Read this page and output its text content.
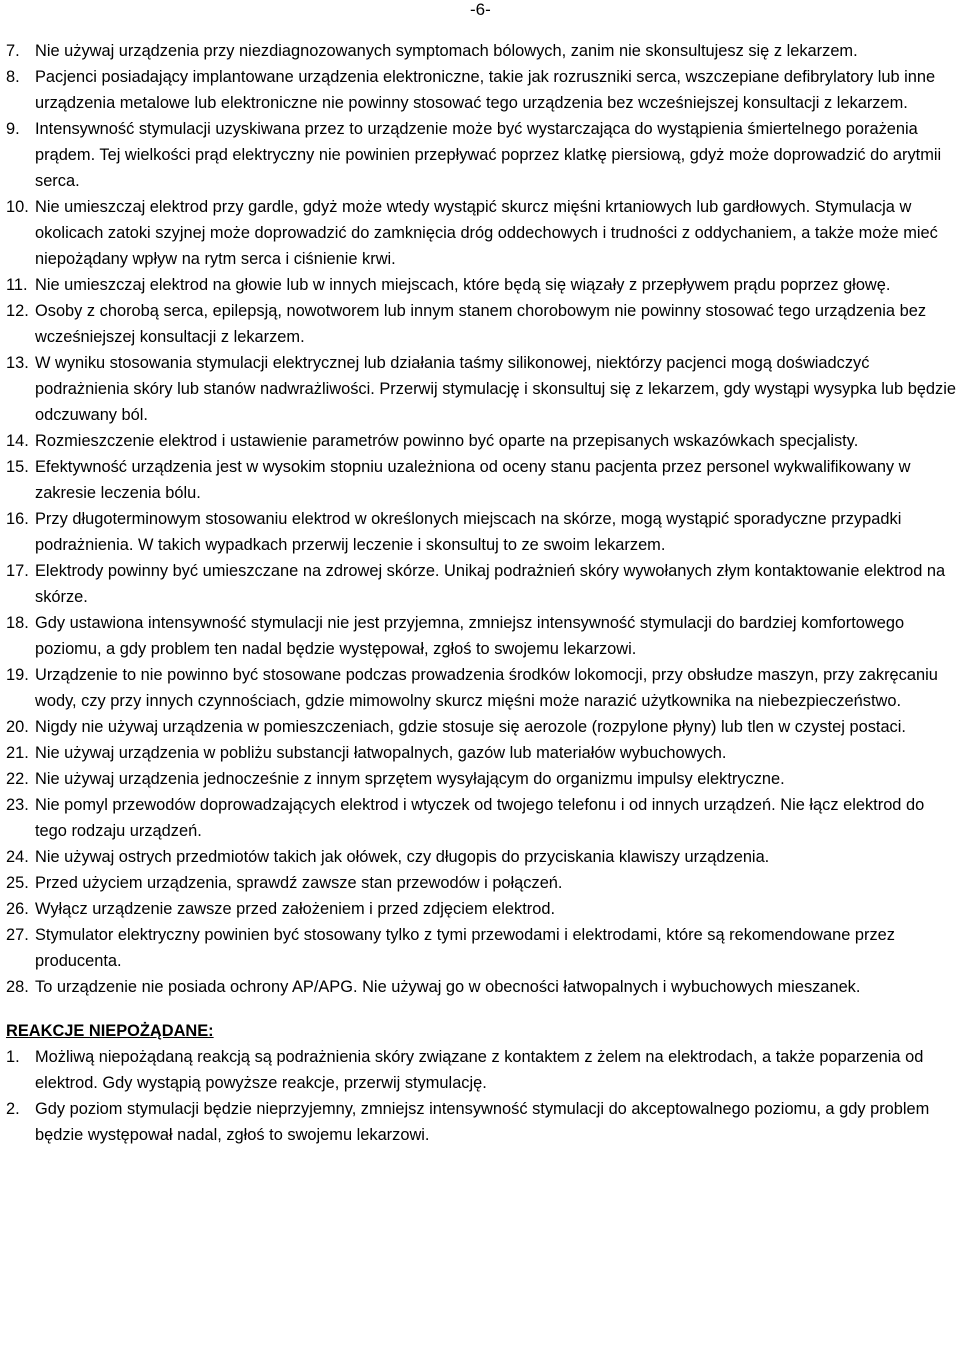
-6-
7. Nie używaj urządzenia przy niezdiagnozowanych symptomach bólowych, zanim nie skonsultujesz się z lekarzem.
8. Pacjenci posiadający implantowane urządzenia elektroniczne, takie jak rozruszniki serca, wszczepiane defibrylatory lub inne urządzenia metalowe lub elektroniczne nie powinny stosować tego urządzenia bez wcześniejszej konsultacji z lekarzem.
9. Intensywność stymulacji uzyskiwana przez to urządzenie może być wystarczająca do wystąpienia śmiertelnego porażenia prądem. Tej wielkości prąd elektryczny nie powinien przepływać poprzez klatkę piersiową, gdyż może doprowadzić do arytmii serca.
10. Nie umieszczaj elektrod przy gardle, gdyż może wtedy wystąpić skurcz mięśni krtaniowych lub gardłowych. Stymulacja w okolicach zatoki szyjnej może doprowadzić do zamknięcia dróg oddechowych i trudności z oddychaniem, a także może mieć niepożądany wpływ na rytm serca i ciśnienie krwi.
11. Nie umieszczaj elektrod na głowie lub w innych miejscach, które będą się wiązały z przepływem prądu poprzez głowę.
12. Osoby z chorobą serca, epilepsją, nowotworem lub innym stanem chorobowym nie powinny stosować tego urządzenia bez wcześniejszej konsultacji z lekarzem.
13. W wyniku stosowania stymulacji elektrycznej lub działania taśmy silikonowej, niektórzy pacjenci mogą doświadczyć podrażnienia skóry lub stanów nadwrażliwości. Przerwij stymulację i skonsultuj się z lekarzem, gdy wystąpi wysypka lub będzie odczuwany ból.
14. Rozmieszczenie elektrod i ustawienie parametrów powinno być oparte na przepisanych wskazówkach specjalisty.
15. Efektywność urządzenia jest w wysokim stopniu uzależniona od oceny stanu pacjenta przez personel wykwalifikowany w zakresie leczenia bólu.
16. Przy długoterminowym stosowaniu elektrod w określonych miejscach na skórze, mogą wystąpić sporadyczne przypadki podrażnienia. W takich wypadkach przerwij leczenie i skonsultuj to ze swoim lekarzem.
17. Elektrody powinny być umieszczane na zdrowej skórze. Unikaj podrażnień skóry wywołanych złym kontaktowanie elektrod na skórze.
18. Gdy ustawiona intensywność stymulacji nie jest przyjemna, zmniejsz intensywność stymulacji do bardziej komfortowego poziomu, a gdy problem ten nadal będzie występował, zgłoś to swojemu lekarzowi.
19. Urządzenie to nie powinno być stosowane podczas prowadzenia środków lokomocji, przy obsłudze maszyn, przy zakręcaniu wody, czy przy innych czynnościach, gdzie mimowolny skurcz mięśni może narazić użytkownika na niebezpieczeństwo.
20. Nigdy nie używaj urządzenia w pomieszczeniach, gdzie stosuje się aerozole (rozpylone płyny) lub tlen w czystej postaci.
21. Nie używaj urządzenia w pobliżu substancji łatwopalnych, gazów lub materiałów wybuchowych.
22. Nie używaj urządzenia jednocześnie z innym sprzętem wysyłającym do organizmu impulsy elektryczne.
23. Nie pomyl przewodów doprowadzających elektrod i wtyczek od twojego telefonu i od innych urządzeń. Nie łącz elektrod do tego rodzaju urządzeń.
24. Nie używaj ostrych przedmiotów takich jak ołówek, czy długopis do przyciskania klawiszy urządzenia.
25. Przed użyciem urządzenia, sprawdź zawsze stan przewodów i połączeń.
26. Wyłącz urządzenie zawsze przed założeniem i przed zdjęciem elektrod.
27. Stymulator elektryczny powinien być stosowany tylko z tymi przewodami i elektrodami, które są rekomendowane przez producenta.
28. To urządzenie nie posiada ochrony AP/APG. Nie używaj go w obecności łatwopalnych i wybuchowych mieszanek.
REAKCJE NIEPOŻĄDANE:
1. Możliwą niepożądaną reakcją są podrażnienia skóry związane z kontaktem z żelem na elektrodach, a także poparzenia od elektrod. Gdy wystąpią powyższe reakcje, przerwij stymulację.
2. Gdy poziom stymulacji będzie nieprzyjemny, zmniejsz intensywność stymulacji do akceptowalnego poziomu, a gdy problem będzie występował nadal, zgłoś to swojemu lekarzowi.
